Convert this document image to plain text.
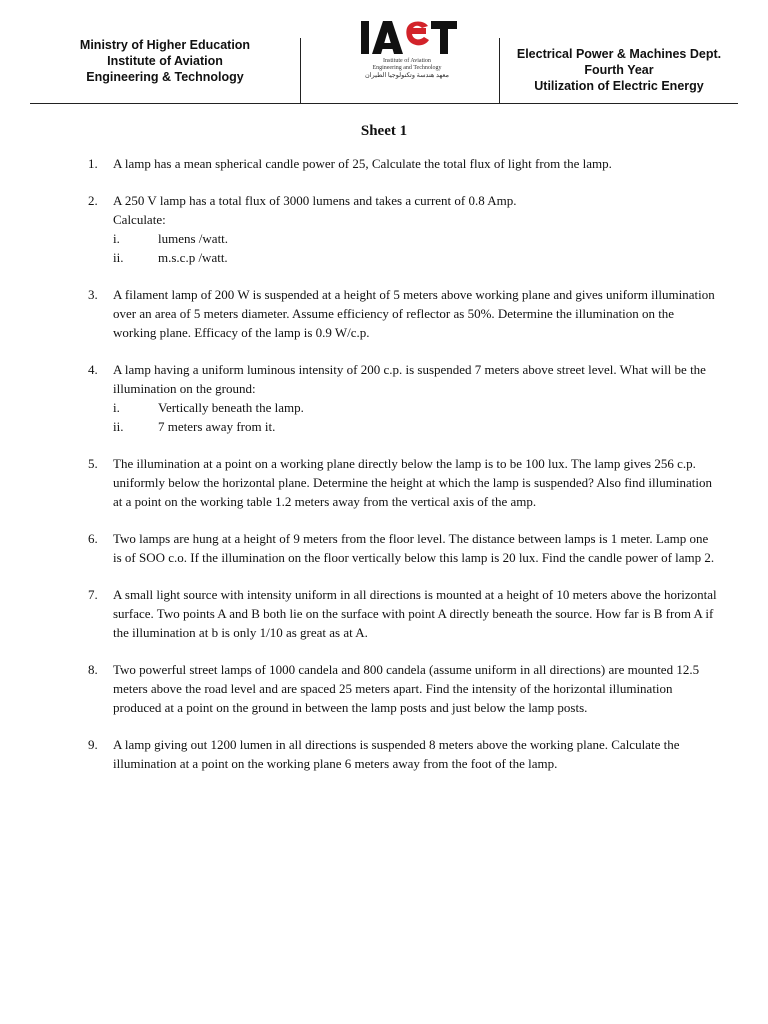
Ministry of Higher Education
Institute of Aviation
Engineering & Technology
Institute of Aviation
Engineering and Technology
معهد هندسة وتكنولوجيا الطيران
Electrical Power & Machines Dept.
Fourth Year
Utilization of Electric Energy
Sheet 1
1. A lamp has a mean spherical candle power of 25, Calculate the total flux of light from the lamp.
2. A 250 V lamp has a total flux of 3000 lumens and takes a current of 0.8 Amp.
Calculate:
i.	lumens /watt.
ii.	m.s.c.p /watt.
3. A filament lamp of 200 W is suspended at a height of 5 meters above working plane and gives uniform illumination over an area of 5 meters diameter. Assume efficiency of reflector as 50%. Determine the illumination on the working plane. Efficacy of the lamp is 0.9 W/c.p.
4. A lamp having a uniform luminous intensity of 200 c.p. is suspended 7 meters above street level. What will be the illumination on the ground:
i.	Vertically beneath the lamp.
ii.	7 meters away from it.
5. The illumination at a point on a working plane directly below the lamp is to be 100 lux. The lamp gives 256 c.p. uniformly below the horizontal plane. Determine the height at which the lamp is suspended? Also find illumination at a point on the working table 1.2 meters away from the vertical axis of the amp.
6. Two lamps are hung at a height of 9 meters from the floor level. The distance between lamps is 1 meter. Lamp one is of SOO c.o. If the illumination on the floor vertically below this lamp is 20 lux. Find the candle power of lamp 2.
7. A small light source with intensity uniform in all directions is mounted at a height of 10 meters above the horizontal surface. Two points A and B both lie on the surface with point A directly beneath the source. How far is B from A if the illumination at b is only 1/10 as great as at A.
8. Two powerful street lamps of 1000 candela and 800 candela (assume uniform in all directions) are mounted 12.5 meters above the road level and are spaced 25 meters apart. Find the intensity of the horizontal illumination produced at a point on the ground in between the lamp posts and just below the lamp posts.
9. A lamp giving out 1200 lumen in all directions is suspended 8 meters above the working plane. Calculate the illumination at a point on the working plane 6 meters away from the foot of the lamp.
